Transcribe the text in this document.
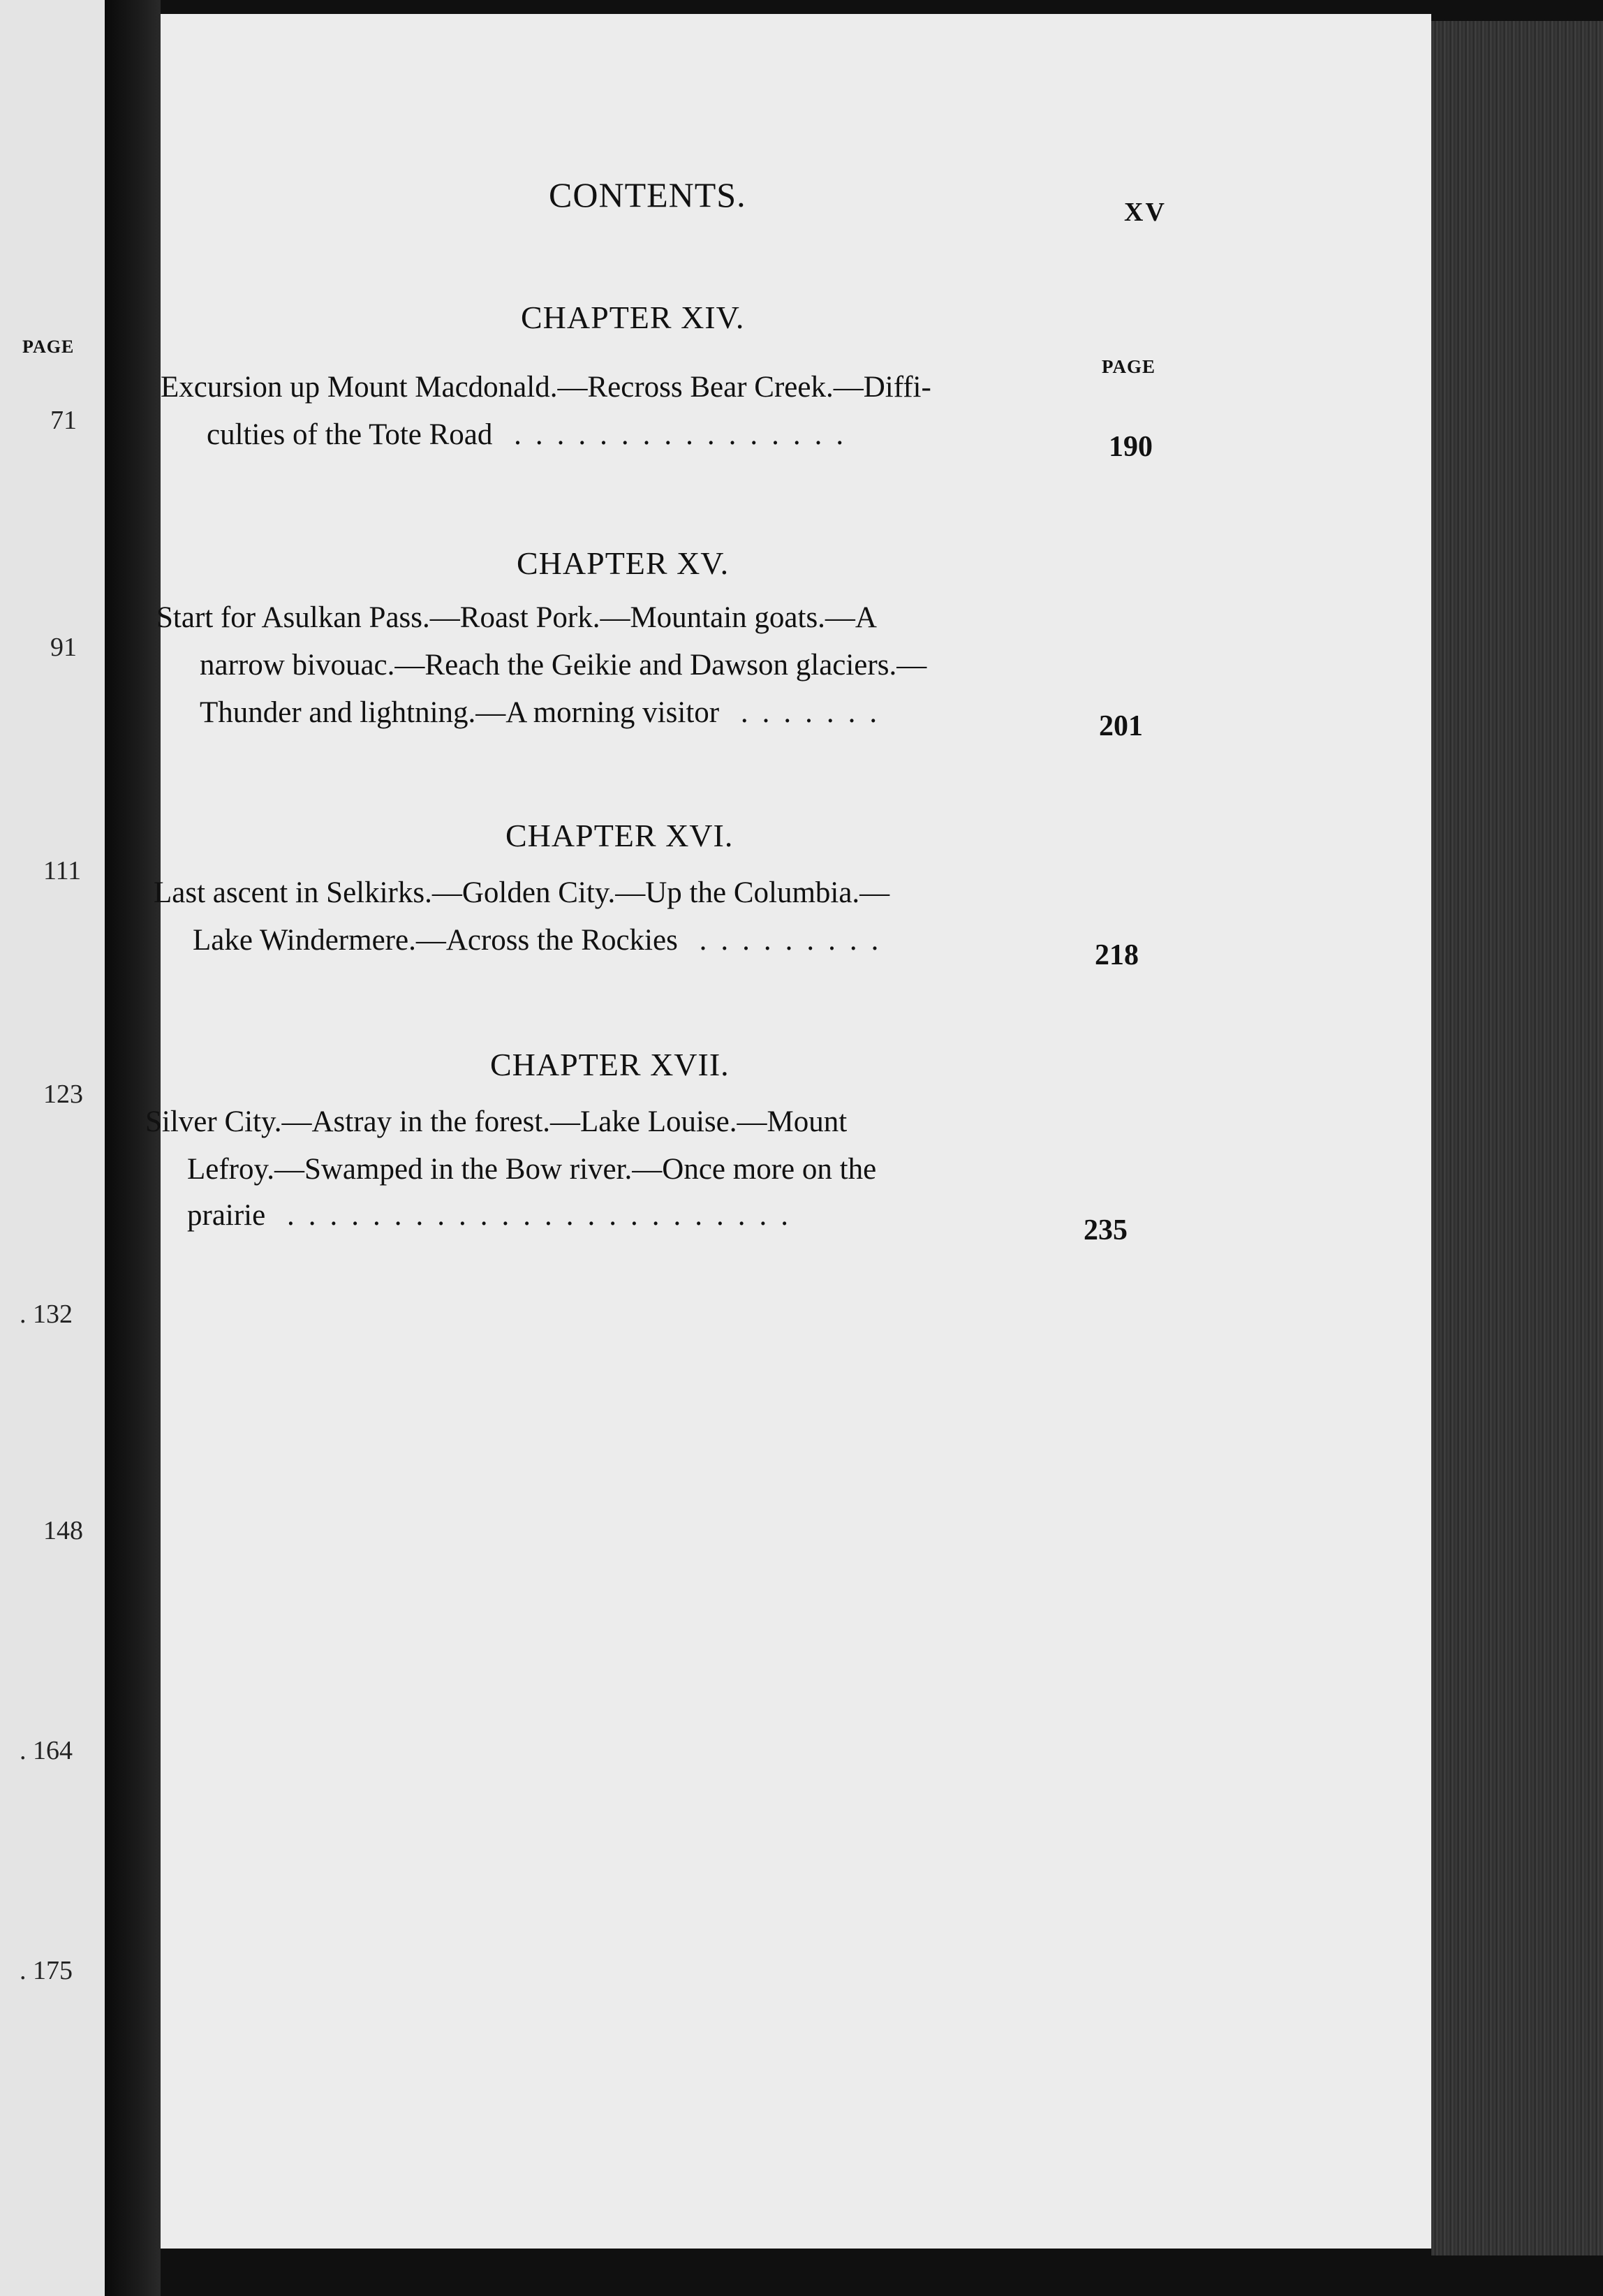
PAGE
71
91
111
123
. 132
148
. 164
. 175
CONTENTS.	XV
PAGE
CHAPTER XIV.
Excursion up Mount Macdonald.—Recross Bear Creek.—Diffi-
culties of the Tote Road ................	190
CHAPTER XV.
Start for Asulkan Pass.—Roast Pork.—Mountain goats.—A
narrow bivouac.—Reach the Geikie and Dawson glaciers.—
Thunder and lightning.—A morning visitor .......	201
CHAPTER XVI.
Last ascent in Selkirks.—Golden City.—Up the Columbia.—
Lake Windermere.—Across the Rockies .........	218
CHAPTER XVII.
Silver City.—Astray in the forest.—Lake Louise.—Mount
Lefroy.—Swamped in the Bow river.—Once more on the
prairie ........................	235
